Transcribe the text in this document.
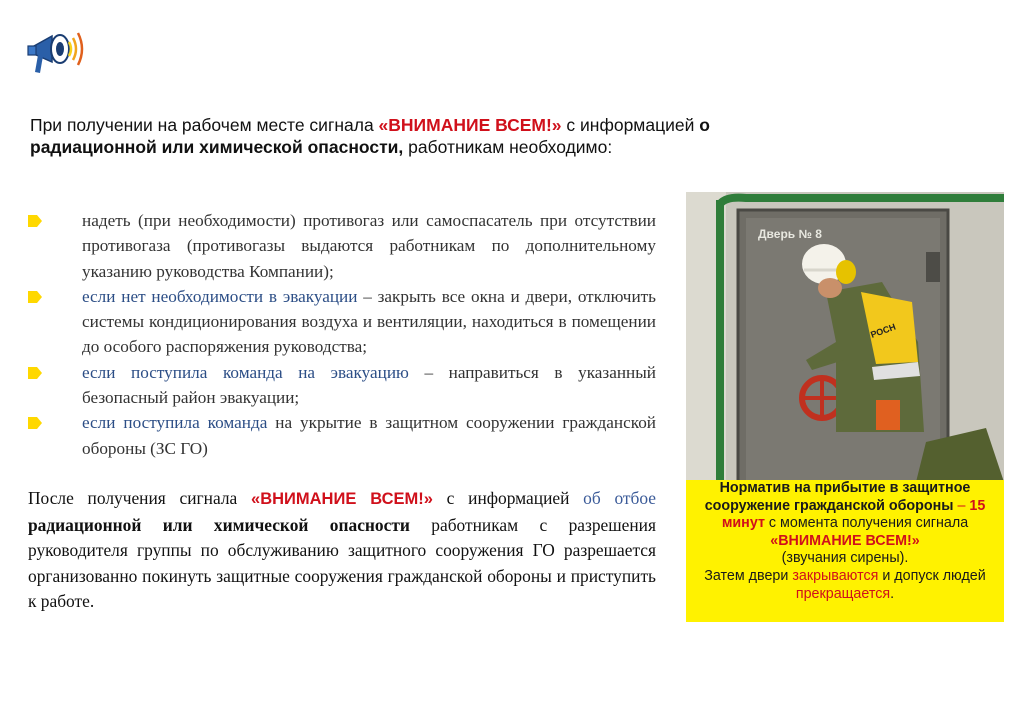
При получении на рабочем месте сигнала «ВНИМАНИЕ ВСЕМ!» с информацией о
радиационной или химической опасности, работникам необходимо:
надеть (при необходимости) противогаз или самоспасатель при отсутствии противогаза (противогазы выдаются работникам по дополнительному указанию руководства Компании);
если нет необходимости в эвакуации – закрыть все окна и двери, отключить системы кондиционирования воздуха и вентиляции, находиться в помещении до особого распоряжения руководства;
если поступила команда на эвакуацию – направиться в указанный безопасный район эвакуации;
если поступила команда на укрытие в защитном сооружении гражданской обороны (ЗС ГО)
После получения сигнала «ВНИМАНИЕ ВСЕМ!» с информацией об отбое радиационной или химической опасности работникам с разрешения руководителя группы по обслуживанию защитного сооружения ГО разрешается организованно покинуть защитные сооружения гражданской обороны и приступить к работе.
Дверь № 8
РОСН
Норматив на прибытие в защитное сооружение гражданской обороны – 15 минут с момента получения сигнала «ВНИМАНИЕ ВСЕМ!»
(звучания сирены).
Затем двери закрываются и допуск людей прекращается.
